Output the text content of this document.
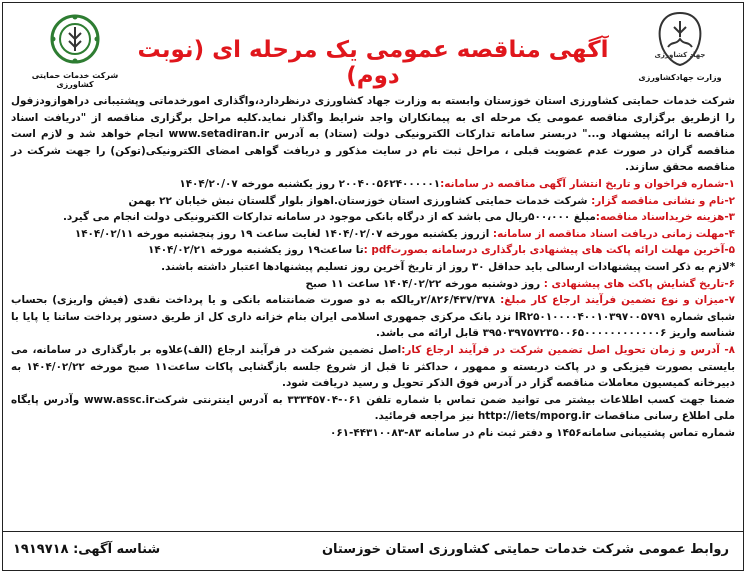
جهاد کشاورزی
وزارت جهادکشاورزی
آگهی مناقصه عمومی یک مرحله ای (نوبت دوم)
شرکت خدمات حمایتی کشاورزی

شرکت خدمات حمایتی کشاورزی استان خوزستان وابسته به وزارت جهاد کشاورزی درنظردارد،واگذاری امورخدماتی وپشتیبانی دراهوازودزفول را ازطریق برگزاری مناقصه عمومی یک مرحله ای به پیمانکاران واجد شرایط واگذار نماید.کلیه مراحل برگزاری مناقصه از "دریافت اسناد مناقصه تا ارائه پیشنهاد و..." دربستر سامانه تدارکات الکترونیکی دولت (ستاد) به آدرس www.setadiran.ir انجام خواهد شد و لازم است مناقصه گران در صورت عدم عضویت قبلی ، مراحل ثبت نام در سایت مذکور و دریافت گواهی امضای الکترونیکی(توکن) را جهت شرکت در مناقصه محقق سازند.

۱-شماره فراخوان و تاریخ انتشار آگهی مناقصه در سامانه:۲۰۰۴۰۰۵۶۲۴۰۰۰۰۰۱ روز یکشنبه مورخه ۱۴۰۴/۲۰/۰۷

۲-نام و نشانی مناقصه گزار: شرکت خدمات حمایتی کشاورزی استان خوزستان.اهواز بلوار گلستان نبش خیابان ۲۲ بهمن

۳-هزینه خریداسناد مناقصه:مبلغ ۵۰۰،۰۰۰ریال می باشد که از درگاه بانکی موجود در سامانه تدارکات الکترونیکی دولت انجام می گیرد.

۴-مهلت زمانی دریافت اسناد مناقصه از سامانه: ازروز یکشنبه مورخه ۱۴۰۴/۰۲/۰۷ لغایت ساعت ۱۹ روز پنجشنبه مورخه ۱۴۰۴/۰۲/۱۱

۵-آخرین مهلت ارائه پاکت های پیشنهادی بارگذاری درسامانه بصورتpdf :تا ساعت۱۹ روز یکشنبه مورخه ۱۴۰۴/۰۲/۲۱

*لازم به ذکر است پیشنهادات ارسالی باید حداقل ۳۰ روز از تاریخ آخرین روز تسلیم پیشنهادها اعتبار داشته باشند.

۶-تاریخ گشایش پاکت های پیشنهادی : روز دوشنبه مورخه ۱۴۰۴/۰۲/۲۲ ساعت ۱۱ صبح

۷-میزان و نوع تضمین فرآیند ارجاع کار مبلغ: ۲/۸۲۶/۴۳۷/۳۷۸ریالکه به دو صورت ضمانتنامه بانکی و یا پرداخت نقدی (فیش واریزی) بحساب شبای شماره IR۲۵۰۱۰۰۰۰۴۰۰۱۰۳۹۷۰۰۵۷۹۱ نزد بانک مرکزی جمهوری اسلامی ایران بنام خزانه داری کل از طریق دستور پرداخت ساتنا یا پایا با شناسه واریز ۳۹۵۰۳۹۷۵۷۲۳۵۰۰۶۵۰۰۰۰۰۰۰۰۰۰۰۰۶ قابل ارائه می باشد.

۸- آدرس و زمان تحویل اصل تضمین شرکت در فرآیند ارجاع کار:اصل تضمین شرکت در فرآیند ارجاع (الف)علاوه بر بارگذاری در سامانه، می بایستی بصورت فیزیکی و در پاکت دربسته و ممهور ، حداکثر تا قبل از شروع جلسه بازگشایی پاکات ساعت۱۱ صبح مورخه ۱۴۰۴/۰۲/۲۲ به دبیرخانه کمیسیون معاملات مناقصه گزار در آدرس فوق الذکر تحویل و رسید دریافت شود.

ضمنا جهت کسب اطلاعات بیشتر می توانید ضمن تماس با شماره تلفن ۰۶۱-۳۳۳۴۵۷۰۴ به آدرس اینترنتی شرکتwww.assc.ir وآدرس پایگاه ملی اطلاع رسانی مناقصات http://iets/mporg.ir نیز مراجعه فرمائید.

شماره تماس پشتیبانی سامانه۱۴۵۶ و دفتر ثبت نام در سامانه ۸۳-۴۴۳۱۰۰۸۳-۰۶۱

روابط عمومی شرکت خدمات حمایتی کشاورزی استان خوزستان
شناسه آگهی: ۱۹۱۹۷۱۸
